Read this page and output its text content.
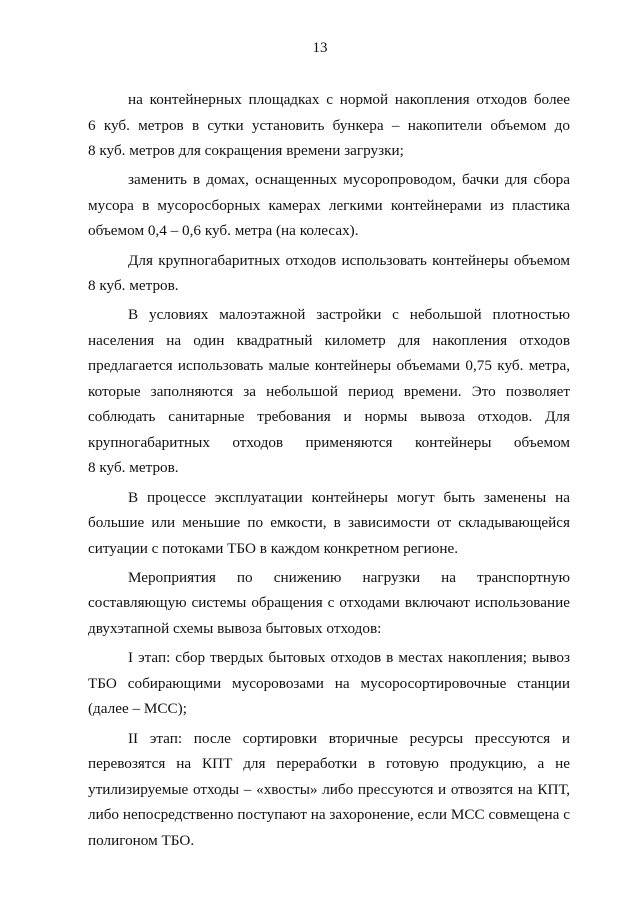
13
на контейнерных площадках с нормой накопления отходов более
6 куб. метров в сутки установить бункера – накопители объемом до
8 куб. метров для сокращения времени загрузки;
заменить в домах, оснащенных мусоропроводом, бачки для сбора
мусора в мусоросборных камерах легкими контейнерами из пластика
объемом 0,4 – 0,6 куб. метра (на колесах).
Для крупногабаритных отходов использовать контейнеры объемом
8 куб. метров.
В условиях малоэтажной застройки с небольшой плотностью
населения на один квадратный километр для накопления отходов
предлагается использовать малые контейнеры объемами 0,75 куб. метра,
которые заполняются за небольшой период времени. Это позволяет
соблюдать санитарные требования и нормы вывоза отходов. Для
крупногабаритных отходов применяются контейнеры объемом
8 куб. метров.
В процессе эксплуатации контейнеры могут быть заменены на
большие или меньшие по емкости, в зависимости от складывающейся
ситуации с потоками ТБО в каждом конкретном регионе.
Мероприятия по снижению нагрузки на транспортную
составляющую системы обращения с отходами включают использование
двухэтапной схемы вывоза бытовых отходов:
I этап: сбор твердых бытовых отходов в местах накопления; вывоз
ТБО собирающими мусоровозами на мусоросортировочные станции
(далее – МСС);
II этап: после сортировки вторичные ресурсы прессуются и
перевозятся на КПТ для переработки в готовую продукцию, а не
утилизируемые отходы – «хвосты» либо прессуются и отвозятся на КПТ,
либо непосредственно поступают на захоронение, если МСС совмещена с
полигоном ТБО.
